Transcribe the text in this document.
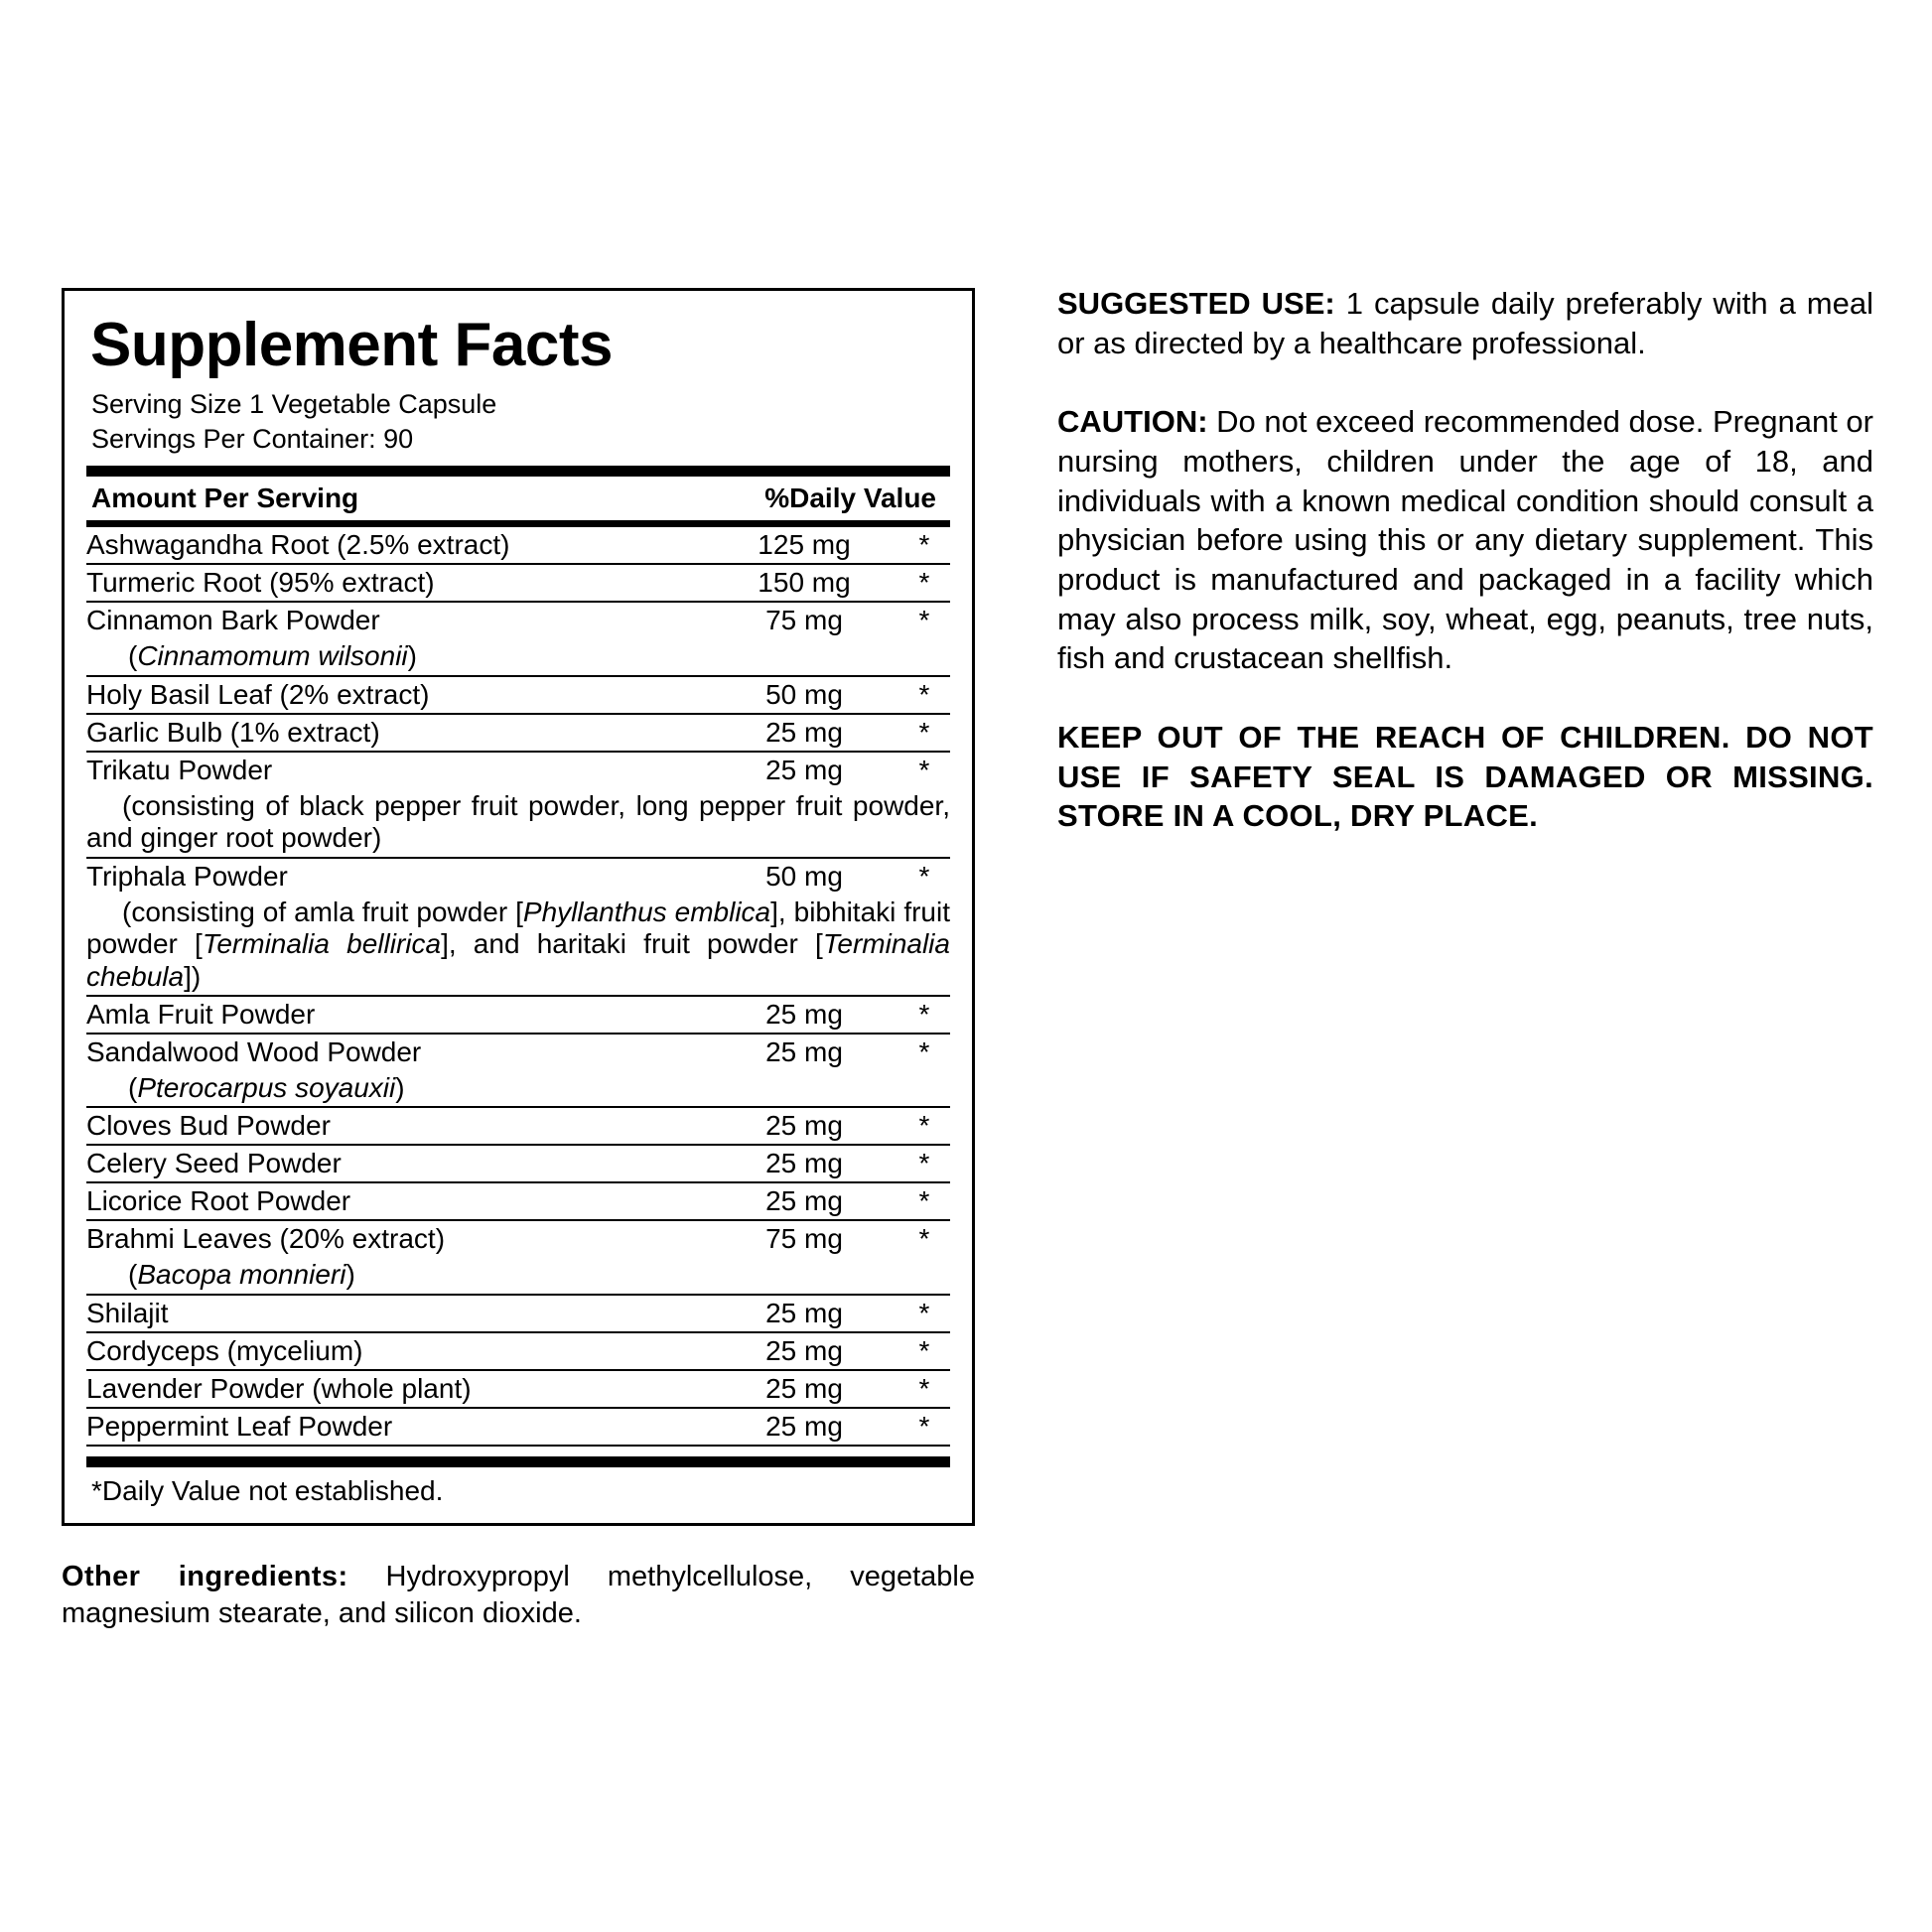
Supplement Facts
Serving Size 1 Vegetable Capsule
Servings Per Container: 90
Amount Per Serving	%Daily Value
Ashwagandha Root (2.5% extract)	125 mg	*
Turmeric Root (95% extract)	150 mg	*
Cinnamon Bark Powder	75 mg	*
(Cinnamomum wilsonii)		
Holy Basil Leaf (2% extract)	50 mg	*
Garlic Bulb (1% extract)	25 mg	*
Trikatu Powder	25 mg	*
(consisting of black pepper fruit powder, long pepper fruit powder, and ginger root powder)		
Triphala Powder	50 mg	*
(consisting of amla fruit powder [Phyllanthus emblica], bibhitaki fruit powder [Terminalia bellirica], and haritaki fruit powder [Terminalia chebula])		
Amla Fruit Powder	25 mg	*
Sandalwood Wood Powder	25 mg	*
(Pterocarpus soyauxii)		
Cloves Bud Powder	25 mg	*
Celery Seed Powder	25 mg	*
Licorice Root Powder	25 mg	*
Brahmi Leaves (20% extract)	75 mg	*
(Bacopa monnieri)		
Shilajit	25 mg	*
Cordyceps (mycelium)	25 mg	*
Lavender Powder (whole plant)	25 mg	*
Peppermint Leaf Powder	25 mg	*
*Daily Value not established.
Other ingredients: Hydroxypropyl methylcellulose, vegetable magnesium stearate, and silicon dioxide.

SUGGESTED USE: 1 capsule daily preferably with a meal or as directed by a healthcare professional.

CAUTION: Do not exceed recommended dose. Pregnant or nursing mothers, children under the age of 18, and individuals with a known medical condition should consult a physician before using this or any dietary supplement. This product is manufactured and packaged in a facility which may also process milk, soy, wheat, egg, peanuts, tree nuts, fish and crustacean shellfish.

KEEP OUT OF THE REACH OF CHILDREN. DO NOT USE IF SAFETY SEAL IS DAMAGED OR MISSING. STORE IN A COOL, DRY PLACE.
